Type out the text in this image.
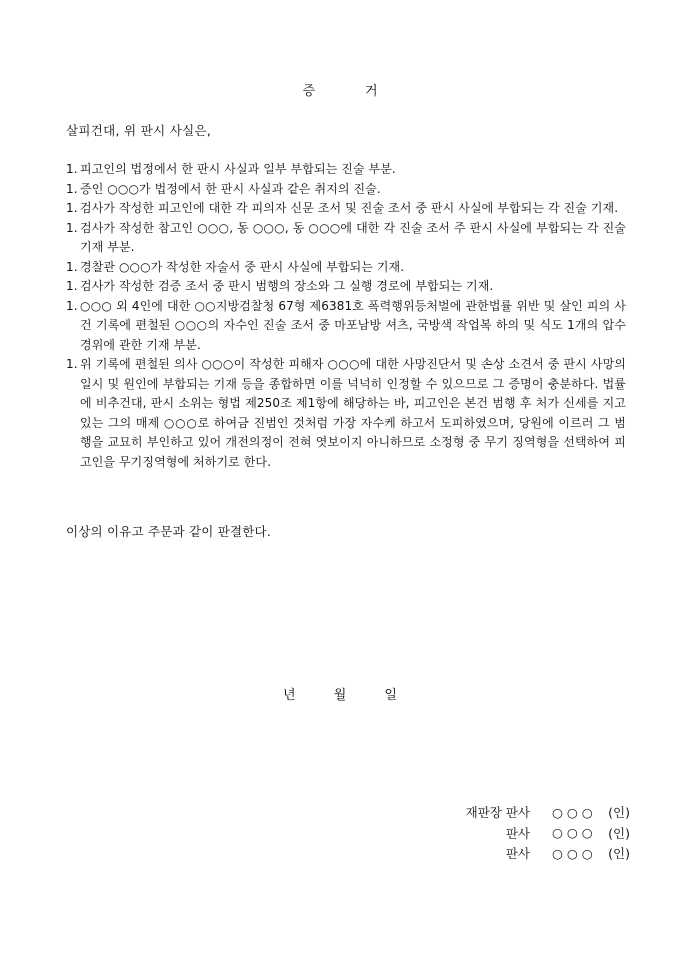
증	거
살피건대, 위 판시 사실은,
1. 피고인의 법정에서 한 판시 사실과 일부 부합되는 진술 부분.
1. 증인 ○○○가 법정에서 한 판시 사실과 같은 취지의 진술.
1. 검사가 작성한 피고인에 대한 각 피의자 신문 조서 및 진술 조서 중 판시 사실에 부합되는 각 진술 기재.
1. 검사가 작성한 참고인 ○○○, 동 ○○○, 동 ○○○에 대한 각 진술 조서 주 판시 사실에 부합되는 각 진술 기재 부분.
1. 경찰관 ○○○가 작성한 자술서 중 판시 사실에 부합되는 기재.
1. 검사가 작성한 검증 조서 중 판시 범행의 장소와 그 실행 경로에 부합되는 기재.
1. ○○○ 외 4인에 대한 ○○지방검찰청 67형 제6381호 폭력행위등처벌에 관한법률 위반 및 살인 피의 사건 기록에 편철된 ○○○의 자수인 진술 조서 중 마포남방 셔츠, 국방색 작업복 하의 및 식도 1개의 압수 경위에 관한 기재 부분.
1. 위 기록에 편철된 의사 ○○○이 작성한 피해자 ○○○에 대한 사망진단서 및 손상 소견서 중 판시 사망의 일시 및 원인에 부합되는 기재 등을 종합하면 이를 넉넉히 인정할 수 있으므로 그 증명이 충분하다. 법률에 비추건대, 판시 소위는 형법 제250조 제1항에 해당하는 바, 피고인은 본건 범행 후 처가 신세를 지고 있는 그의 매제 ○○○로 하여금 진범인 것처럼 가장 자수케 하고서 도피하였으며, 당원에 이르러 그 범행을 교묘히 부인하고 있어 개전의정이 전혀 엿보이지 아니하므로 소정형 중 무기 징역형을 선택하여 피고인을 무기징역형에 처하기로 한다.
이상의 이유고 주문과 같이 판결한다.
년	월	일
재판장 판사 ○ ○ ○	(인)
판사 ○ ○ ○	(인)
판사 ○ ○ ○	(인)
